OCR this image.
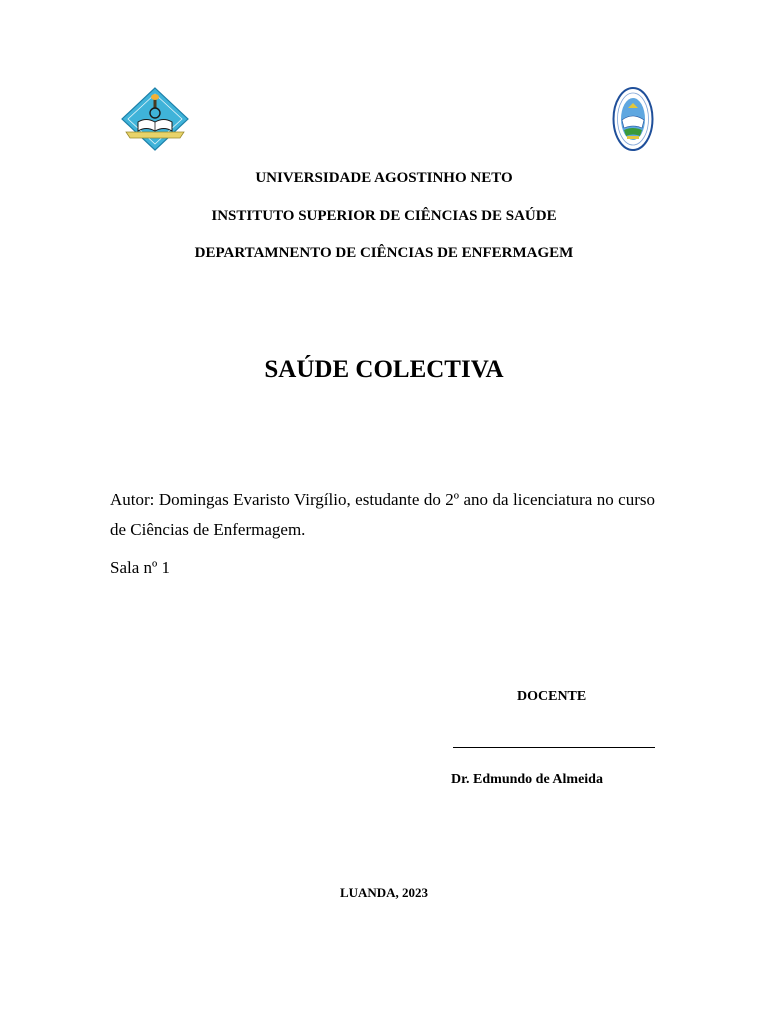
UNIVERSIDADE AGOSTINHO NETO
INSTITUTO SUPERIOR DE CIÊNCIAS DE SAÚDE
DEPARTAMNENTO DE CIÊNCIAS DE ENFERMAGEM
SAÚDE COLECTIVA
Autor: Domingas Evaristo Virgílio, estudante do 2º ano da licenciatura no curso de Ciências de Enfermagem.
Sala nº 1
DOCENTE
Dr. Edmundo de Almeida
LUANDA, 2023
